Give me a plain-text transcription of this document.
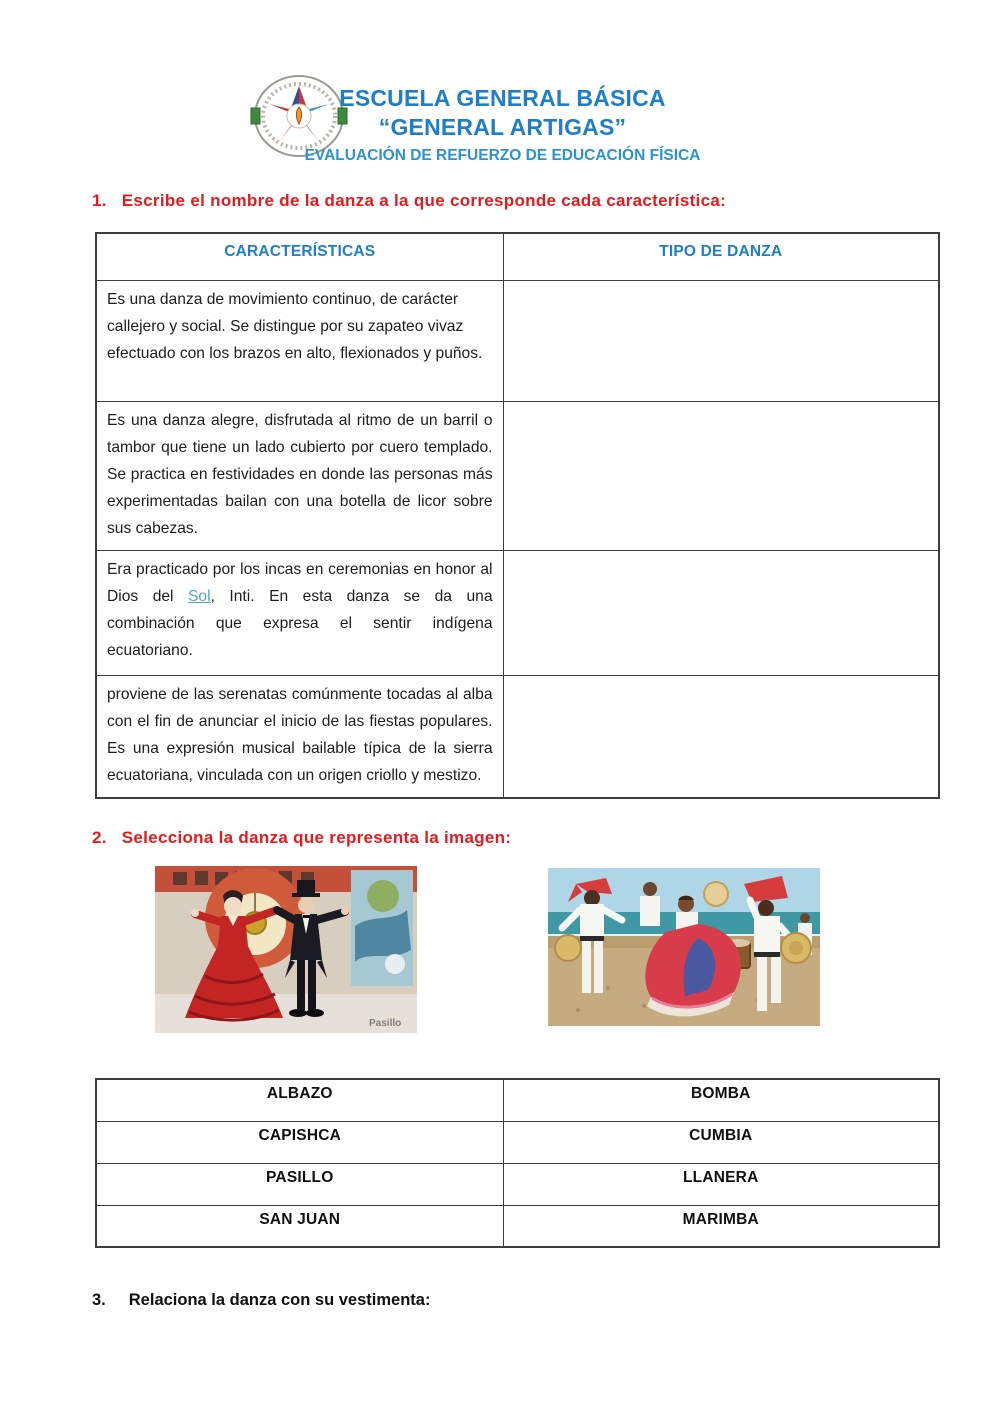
ESCUELA GENERAL BÁSICA
“GENERAL ARTIGAS”
EVALUACIÓN DE REFUERZO DE EDUCACIÓN FÍSICA
1. Escribe el nombre de la danza a la que corresponde cada característica:
CARACTERÍSTICAS	TIPO DE DANZA
Es una danza de movimiento continuo, de carácter callejero y social. Se distingue por su zapateo vivaz efectuado con los brazos en alto, flexionados y puños.	
Es una danza alegre, disfrutada al ritmo de un barril o tambor que tiene un lado cubierto por cuero templado. Se practica en festividades en donde las personas más experimentadas bailan con una botella de licor sobre sus cabezas.	
Era practicado por los incas en ceremonias en honor al Dios del Sol, Inti. En esta danza se da una combinación que expresa el sentir indígena ecuatoriano.	
proviene de las serenatas comúnmente tocadas al alba con el fin de anunciar el inicio de las fiestas populares. Es una expresión musical bailable típica de la sierra ecuatoriana, vinculada con un origen criollo y mestizo.	
2. Selecciona la danza que representa la imagen:
Pasillo
ALBAZO	BOMBA
CAPISHCA	CUMBIA
PASILLO	LLANERA
SAN JUAN	MARIMBA
3. Relaciona la danza con su vestimenta:
